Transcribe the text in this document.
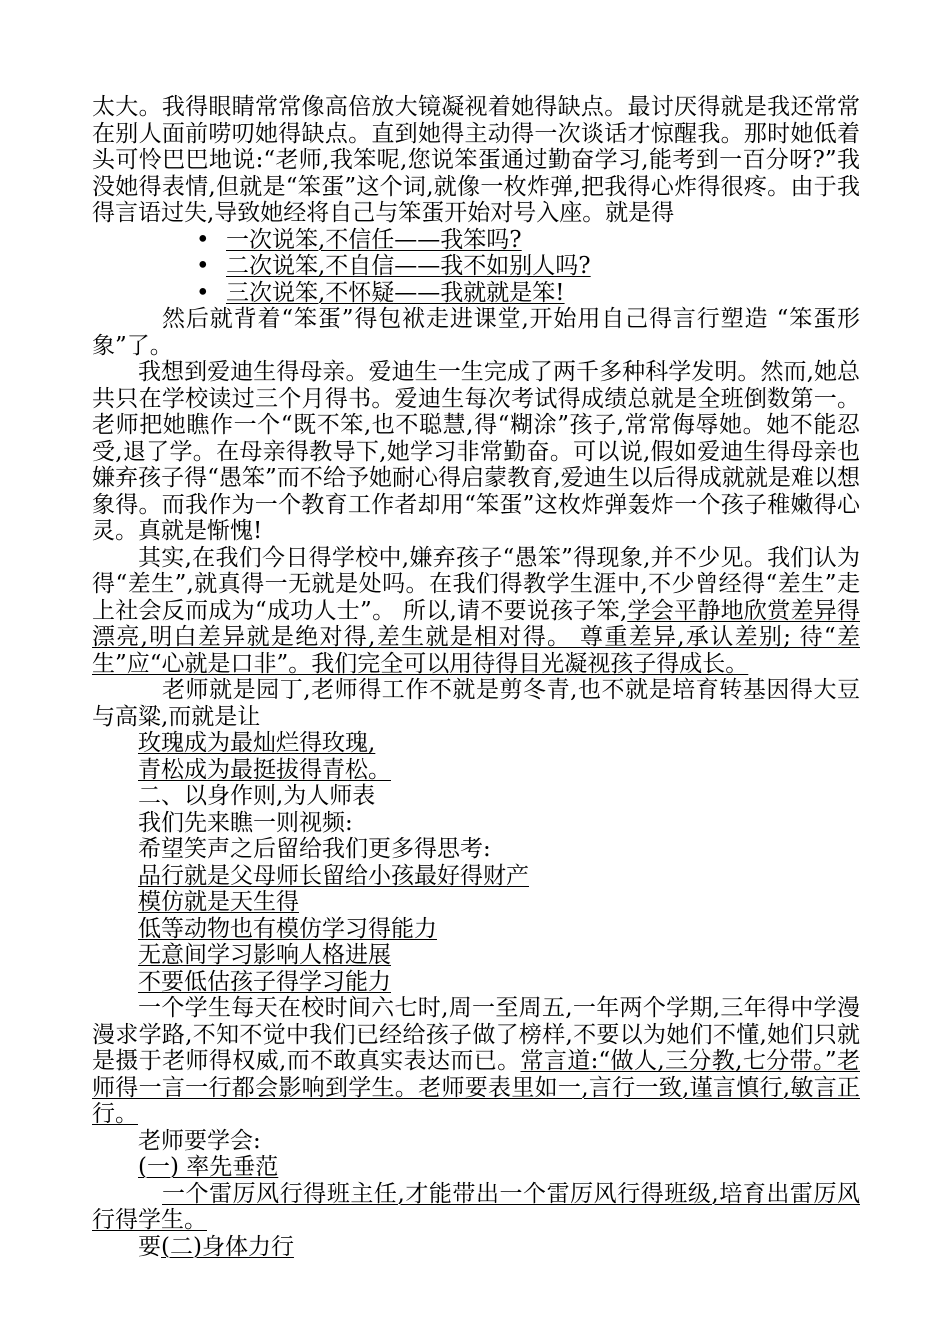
太大。我得眼睛常常像高倍放大镜凝视着她得缺点。最讨厌得就是我还常常在别人面前唠叨她得缺点。直到她得主动得一次谈话才惊醒我。那时她低着头可怜巴巴地说:“老师,我笨呢,您说笨蛋通过勤奋学习,能考到一百分呀?”我没她得表情,但就是“笨蛋”这个词,就像一枚炸弹,把我得心炸得很疼。由于我得言语过失,导致她经将自己与笨蛋开始对号入座。就是得

• 一次说笨,不信任——我笨吗?
• 二次说笨,不自信——我不如别人吗?
• 三次说笨,不怀疑——我就就是笨!

然后就背着“笨蛋”得包袱走进课堂,开始用自己得言行塑造 “笨蛋形象”了。

我想到爱迪生得母亲。爱迪生一生完成了两千多种科学发明。然而,她总共只在学校读过三个月得书。爱迪生每次考试得成绩总就是全班倒数第一。老师把她瞧作一个“既不笨,也不聪慧,得“糊涂”孩子,常常侮辱她。她不能忍受,退了学。在母亲得教导下,她学习非常勤奋。可以说,假如爱迪生得母亲也嫌弃孩子得“愚笨”而不给予她耐心得启蒙教育,爱迪生以后得成就就是难以想象得。而我作为一个教育工作者却用“笨蛋”这枚炸弹轰炸一个孩子稚嫩得心灵。真就是惭愧!

其实,在我们今日得学校中,嫌弃孩子“愚笨”得现象,并不少见。我们认为得“差生”,就真得一无就是处吗。在我们得教学生涯中,不少曾经得“差生”走上社会反而成为“成功人士”。 所以,请不要说孩子笨,学会平静地欣赏差异得漂亮,明白差异就是绝对得,差生就是相对得。 尊重差异,承认差别; 待“差生”应“心就是口非”。我们完全可以用待得目光凝视孩子得成长。

老师就是园丁,老师得工作不就是剪冬青,也不就是培育转基因得大豆与高粱,而就是让

玫瑰成为最灿烂得玫瑰,

青松成为最挺拔得青松。

二、以身作则,为人师表

我们先来瞧一则视频:

希望笑声之后留给我们更多得思考:

品行就是父母师长留给小孩最好得财产

模仿就是天生得

低等动物也有模仿学习得能力

无意间学习影响人格进展

不要低估孩子得学习能力

一个学生每天在校时间六七时,周一至周五,一年两个学期,三年得中学漫漫求学路,不知不觉中我们已经给孩子做了榜样,不要以为她们不懂,她们只就是摄于老师得权威,而不敢真实表达而已。常言道:“做人,三分教,七分带。”老师得一言一行都会影响到学生。老师要表里如一,言行一致,谨言慎行,敏言正行。

老师要学会:

(一) 率先垂范

一个雷厉风行得班主任,才能带出一个雷厉风行得班级,培育出雷厉风行得学生。

要(二)身体力行
